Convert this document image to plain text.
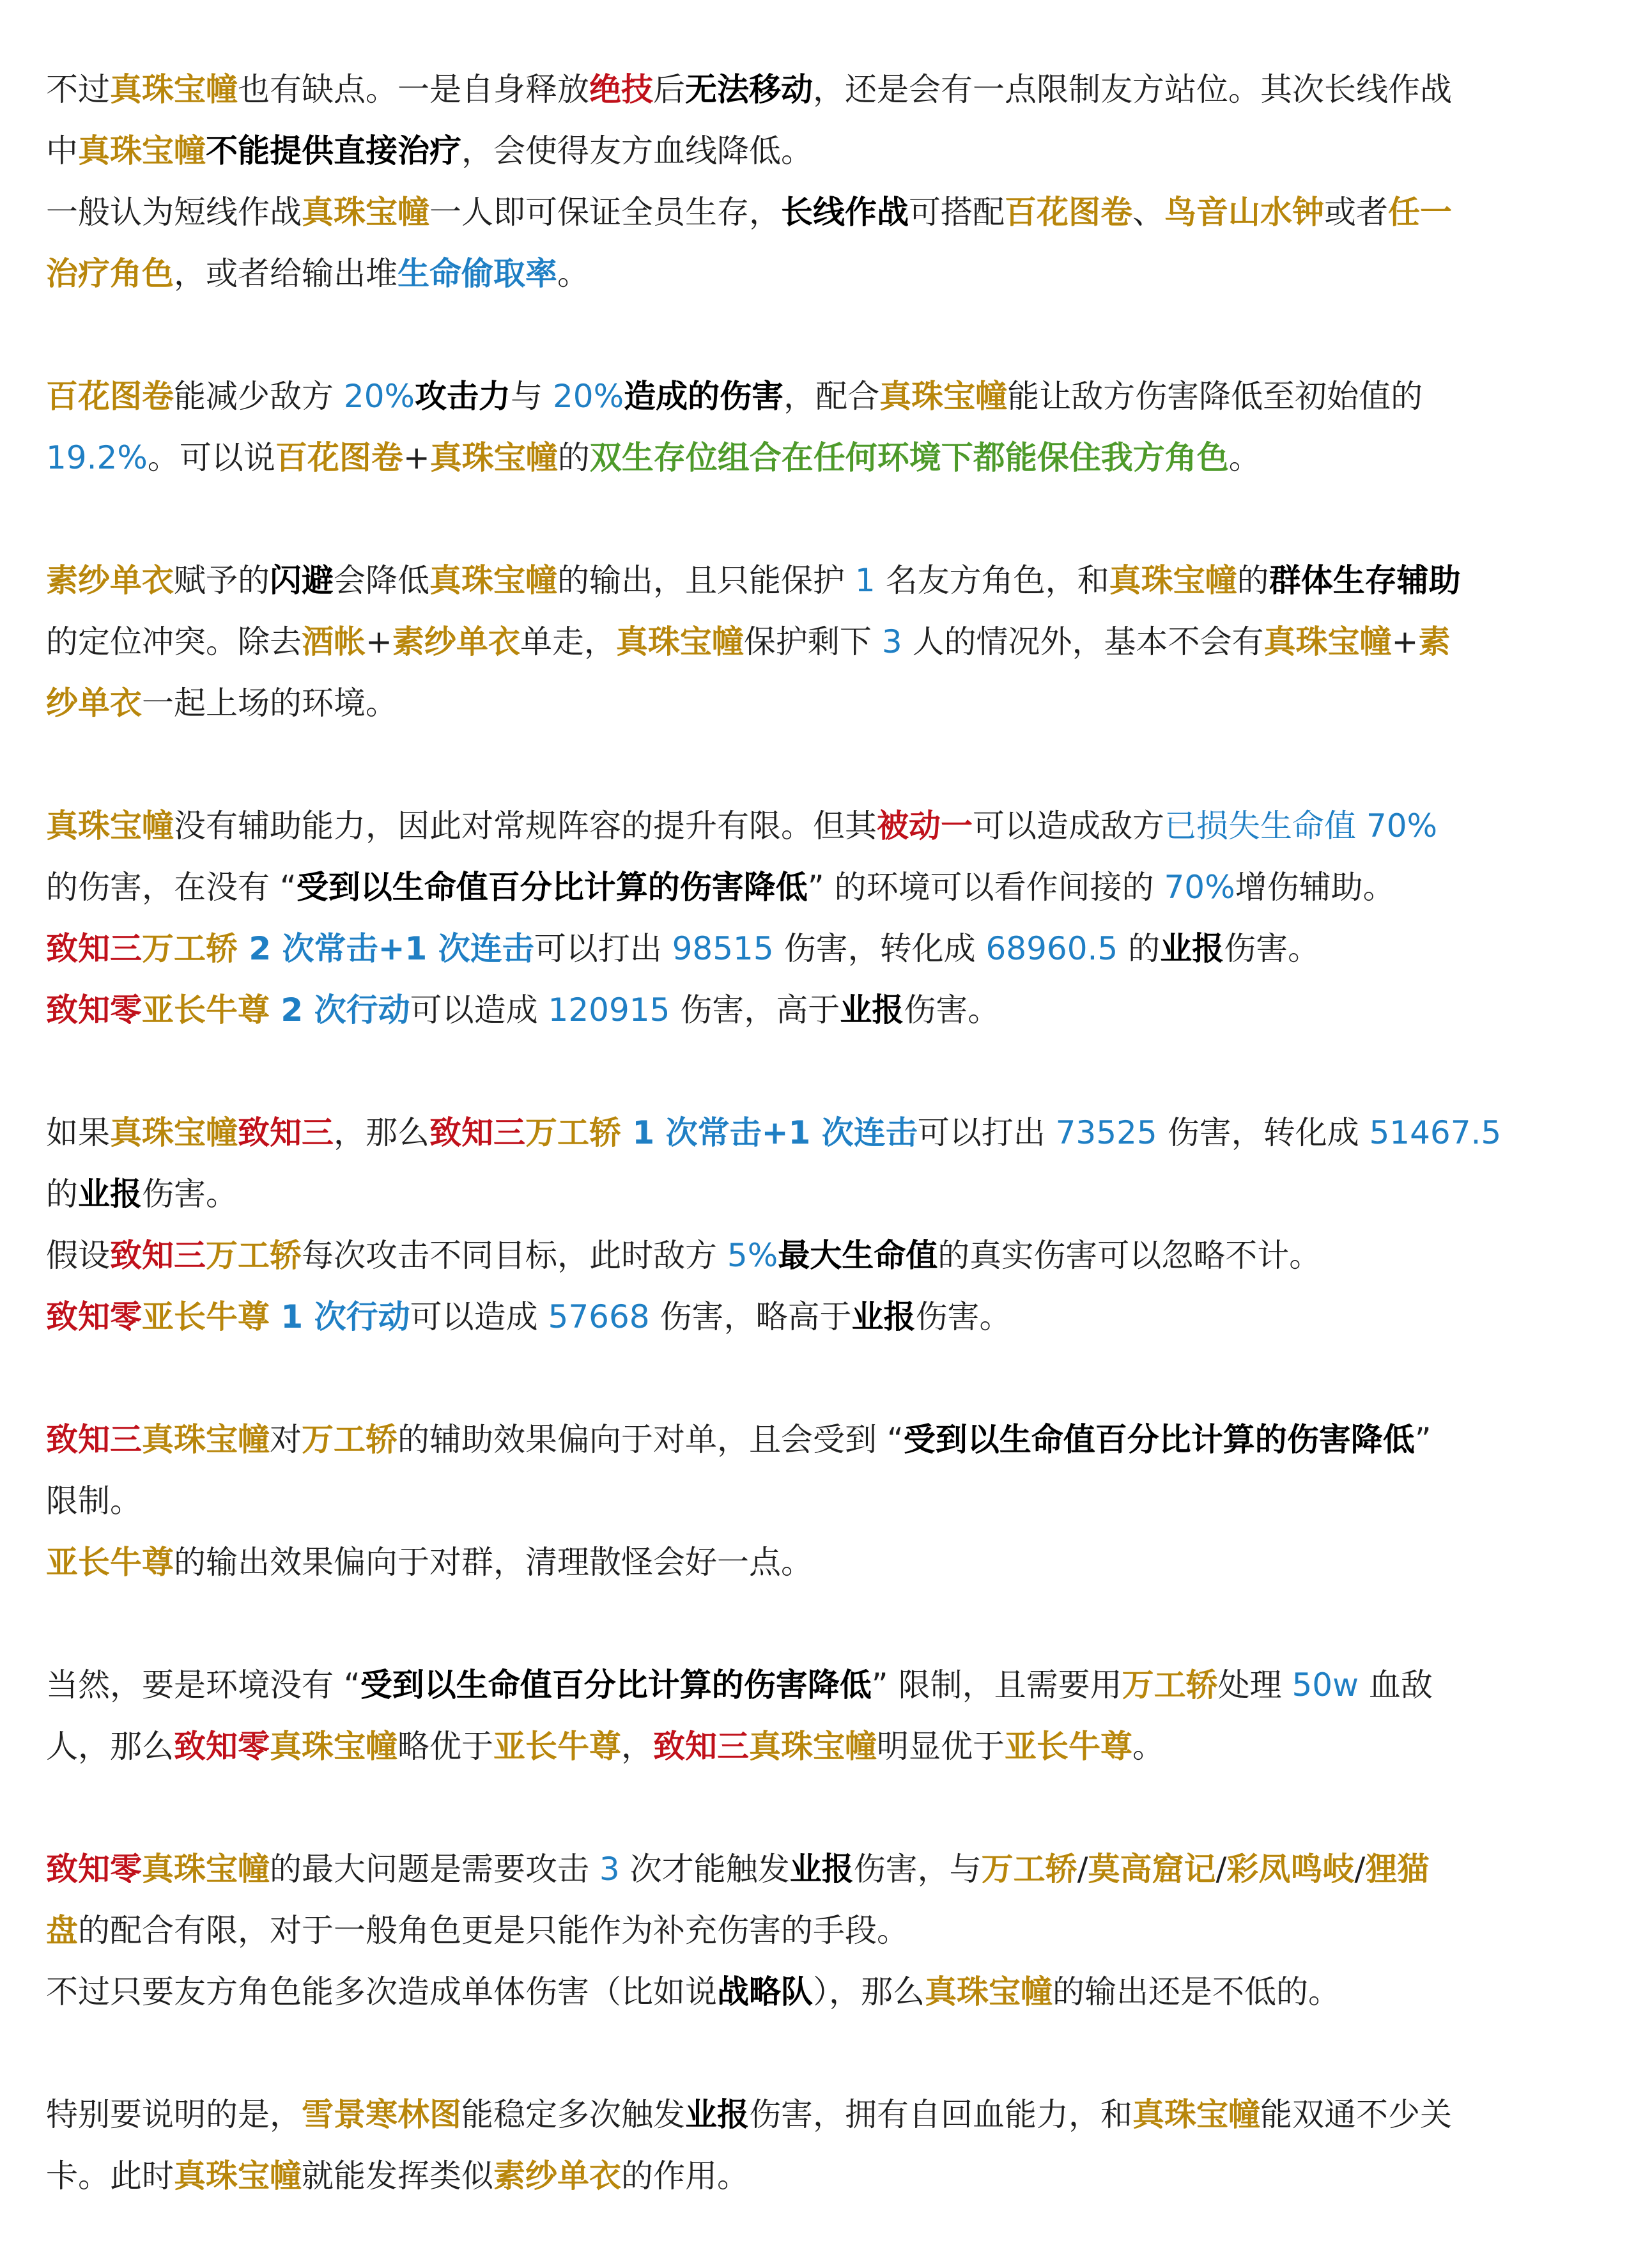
不过真珠宝幢也有缺点。一是自身释放绝技后无法移动，还是会有一点限制友方站位。其次长线作战
中真珠宝幢不能提供直接治疗，会使得友方血线降低。
一般认为短线作战真珠宝幢一人即可保证全员生存，长线作战可搭配百花图卷、鸟音山水钟或者任一
治疗角色，或者给输出堆生命偷取率。
百花图卷能减少敌方 20%攻击力与 20%造成的伤害，配合真珠宝幢能让敌方伤害降低至初始值的
19.2%。可以说百花图卷+真珠宝幢的双生存位组合在任何环境下都能保住我方角色。
素纱单衣赋予的闪避会降低真珠宝幢的输出，且只能保护 1 名友方角色，和真珠宝幢的群体生存辅助
的定位冲突。除去酒帐+素纱单衣单走，真珠宝幢保护剩下 3 人的情况外，基本不会有真珠宝幢+素
纱单衣一起上场的环境。
真珠宝幢没有辅助能力，因此对常规阵容的提升有限。但其被动一可以造成敌方已损失生命值 70%
的伤害，在没有 “受到以生命值百分比计算的伤害降低” 的环境可以看作间接的 70%增伤辅助。
致知三万工轿 2 次常击+1 次连击可以打出 98515 伤害，转化成 68960.5 的业报伤害。
致知零亚长牛尊 2 次行动可以造成 120915 伤害，高于业报伤害。
如果真珠宝幢致知三，那么致知三万工轿 1 次常击+1 次连击可以打出 73525 伤害，转化成 51467.5
的业报伤害。
假设致知三万工轿每次攻击不同目标，此时敌方 5%最大生命值的真实伤害可以忽略不计。
致知零亚长牛尊 1 次行动可以造成 57668 伤害，略高于业报伤害。
致知三真珠宝幢对万工轿的辅助效果偏向于对单，且会受到 “受到以生命值百分比计算的伤害降低”
限制。
亚长牛尊的输出效果偏向于对群，清理散怪会好一点。
当然，要是环境没有 “受到以生命值百分比计算的伤害降低” 限制，且需要用万工轿处理 50w 血敌
人，那么致知零真珠宝幢略优于亚长牛尊，致知三真珠宝幢明显优于亚长牛尊。
致知零真珠宝幢的最大问题是需要攻击 3 次才能触发业报伤害，与万工轿/莫高窟记/彩凤鸣岐/狸猫
盘的配合有限，对于一般角色更是只能作为补充伤害的手段。
不过只要友方角色能多次造成单体伤害（比如说战略队），那么真珠宝幢的输出还是不低的。
特别要说明的是，雪景寒林图能稳定多次触发业报伤害，拥有自回血能力，和真珠宝幢能双通不少关
卡。此时真珠宝幢就能发挥类似素纱单衣的作用。
